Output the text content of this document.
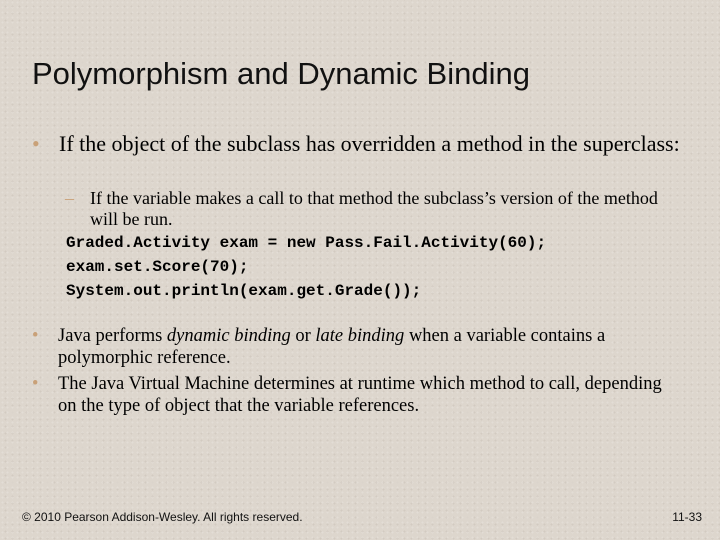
Polymorphism and Dynamic Binding
• If the object of the subclass has overridden a method in the superclass:
– If the variable makes a call to that method the subclass’s version of the method will be run.
Graded.Activity exam = new Pass.Fail.Activity(60);
exam.set.Score(70);
System.out.println(exam.get.Grade());
•	Java performs dynamic binding or late binding when a variable contains a polymorphic reference.
•	The Java Virtual Machine determines at runtime which method to call, depending on the type of object that the variable references.
© 2010 Pearson Addison-Wesley. All rights reserved.	11-33
